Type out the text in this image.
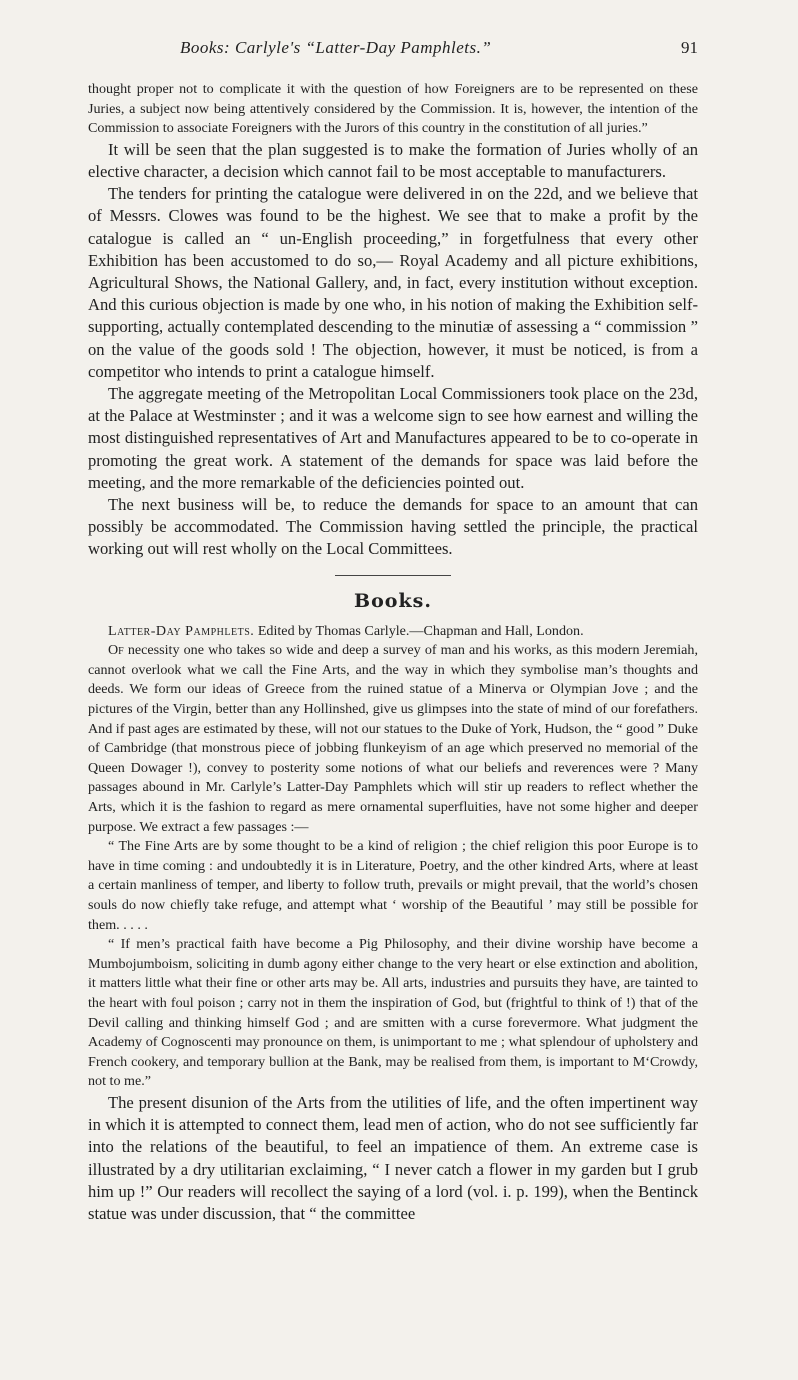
Books: Carlyle's “Latter-Day Pamphlets.”	91

thought proper not to complicate it with the question of how Foreigners are to be represented on these Juries, a subject now being attentively considered by the Commission. It is, however, the intention of the Commission to associate Foreigners with the Jurors of this country in the constitution of all juries.”

It will be seen that the plan suggested is to make the formation of Juries wholly of an elective character, a decision which cannot fail to be most acceptable to manufacturers.

The tenders for printing the catalogue were delivered in on the 22d, and we believe that of Messrs. Clowes was found to be the highest. We see that to make a profit by the catalogue is called an “ un-English proceeding,” in forgetfulness that every other Exhibition has been accustomed to do so,— Royal Academy and all picture exhibitions, Agricultural Shows, the National Gallery, and, in fact, every institution without exception. And this curious objection is made by one who, in his notion of making the Exhibition self-supporting, actually contemplated descending to the minutiæ of assessing a “ commission ” on the value of the goods sold ! The objection, however, it must be noticed, is from a competitor who intends to print a catalogue himself.

The aggregate meeting of the Metropolitan Local Commissioners took place on the 23d, at the Palace at Westminster ; and it was a welcome sign to see how earnest and willing the most distinguished representatives of Art and Manufactures appeared to be to co-operate in promoting the great work. A statement of the demands for space was laid before the meeting, and the more remarkable of the deficiencies pointed out.

The next business will be, to reduce the demands for space to an amount that can possibly be accommodated. The Commission having settled the principle, the practical working out will rest wholly on the Local Committees.

Books.

Latter-Day Pamphlets. Edited by Thomas Carlyle.—Chapman and Hall, London.

Of necessity one who takes so wide and deep a survey of man and his works, as this modern Jeremiah, cannot overlook what we call the Fine Arts, and the way in which they symbolise man’s thoughts and deeds. We form our ideas of Greece from the ruined statue of a Minerva or Olympian Jove ; and the pictures of the Virgin, better than any Hollinshed, give us glimpses into the state of mind of our forefathers. And if past ages are estimated by these, will not our statues to the Duke of York, Hudson, the “ good ” Duke of Cambridge (that monstrous piece of jobbing flunkeyism of an age which preserved no memorial of the Queen Dowager !), convey to posterity some notions of what our beliefs and reverences were ? Many passages abound in Mr. Carlyle’s Latter-Day Pamphlets which will stir up readers to reflect whether the Arts, which it is the fashion to regard as mere ornamental superfluities, have not some higher and deeper purpose. We extract a few passages :—

“ The Fine Arts are by some thought to be a kind of religion ; the chief religion this poor Europe is to have in time coming : and undoubtedly it is in Literature, Poetry, and the other kindred Arts, where at least a certain manliness of temper, and liberty to follow truth, prevails or might prevail, that the world’s chosen souls do now chiefly take refuge, and attempt what ‘ worship of the Beautiful ’ may still be possible for them. . . . .

“ If men’s practical faith have become a Pig Philosophy, and their divine worship have become a Mumbojumboism, soliciting in dumb agony either change to the very heart or else extinction and abolition, it matters little what their fine or other arts may be. All arts, industries and pursuits they have, are tainted to the heart with foul poison ; carry not in them the inspiration of God, but (frightful to think of !) that of the Devil calling and thinking himself God ; and are smitten with a curse forevermore. What judgment the Academy of Cognoscenti may pronounce on them, is unimportant to me ; what splendour of upholstery and French cookery, and temporary bullion at the Bank, may be realised from them, is important to M‘Crowdy, not to me.”

The present disunion of the Arts from the utilities of life, and the often impertinent way in which it is attempted to connect them, lead men of action, who do not see sufficiently far into the relations of the beautiful, to feel an impatience of them. An extreme case is illustrated by a dry utilitarian exclaiming, “ I never catch a flower in my garden but I grub him up !” Our readers will recollect the saying of a lord (vol. i. p. 199), when the Bentinck statue was under discussion, that “ the committee
